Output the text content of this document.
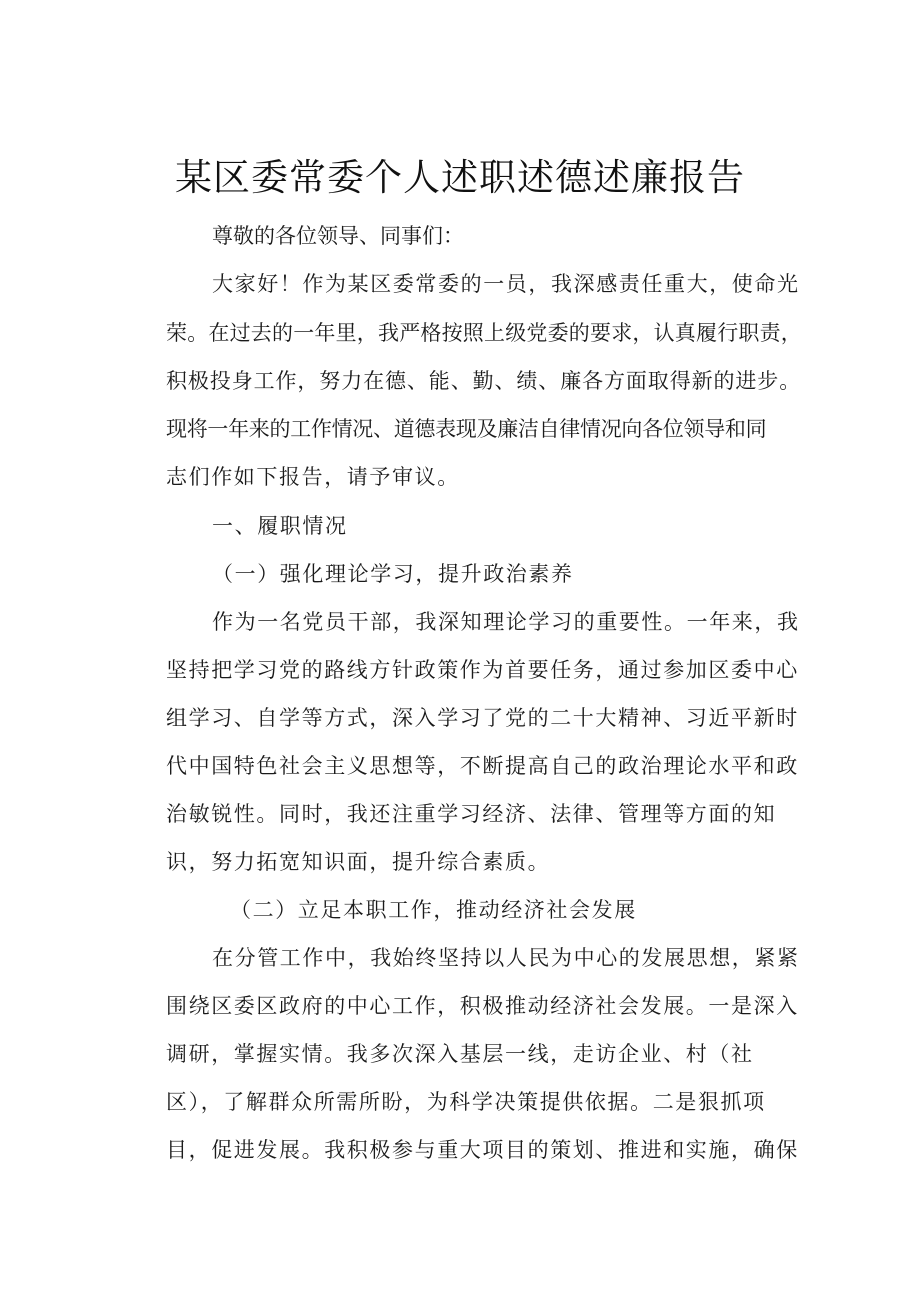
某区委常委个人述职述德述廉报告
尊敬的各位领导、同事们：
大家好！作为某区委常委的一员，我深感责任重大，使命光
荣。在过去的一年里，我严格按照上级党委的要求，认真履行职责，
积极投身工作，努力在德、能、勤、绩、廉各方面取得新的进步。
现将一年来的工作情况、道德表现及廉洁自律情况向各位领导和同
志们作如下报告，请予审议。
一、履职情况
（一）强化理论学习，提升政治素养
作为一名党员干部，我深知理论学习的重要性。一年来，我
坚持把学习党的路线方针政策作为首要任务，通过参加区委中心
组学习、自学等方式，深入学习了党的二十大精神、习近平新时
代中国特色社会主义思想等，不断提高自己的政治理论水平和政
治敏锐性。同时，我还注重学习经济、法律、管理等方面的知
识，努力拓宽知识面，提升综合素质。
（二）立足本职工作，推动经济社会发展
在分管工作中，我始终坚持以人民为中心的发展思想，紧紧
围绕区委区政府的中心工作，积极推动经济社会发展。一是深入
调研，掌握实情。我多次深入基层一线，走访企业、村（社
区），了解群众所需所盼，为科学决策提供依据。二是狠抓项
目，促进发展。我积极参与重大项目的策划、推进和实施，确保
